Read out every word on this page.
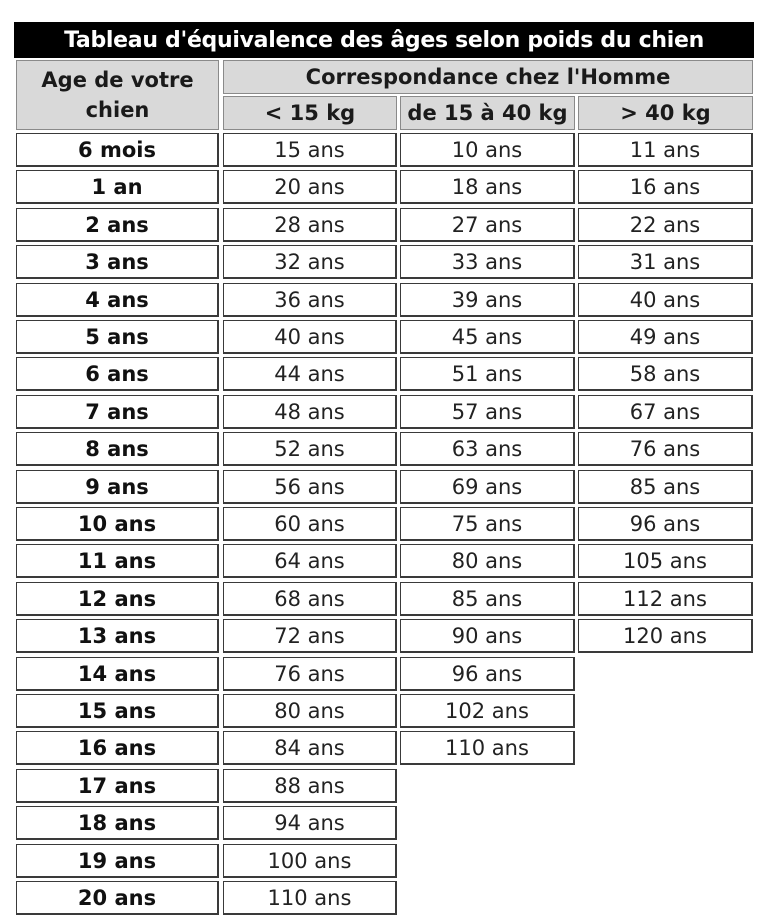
Tableau d'équivalence des âges selon poids du chien
Age de votre
chien
Correspondance chez l'Homme
< 15 kg	de 15 à 40 kg	> 40 kg
6 mois	15 ans	10 ans	11 ans
1 an	20 ans	18 ans	16 ans
2 ans	28 ans	27 ans	22 ans
3 ans	32 ans	33 ans	31 ans
4 ans	36 ans	39 ans	40 ans
5 ans	40 ans	45 ans	49 ans
6 ans	44 ans	51 ans	58 ans
7 ans	48 ans	57 ans	67 ans
8 ans	52 ans	63 ans	76 ans
9 ans	56 ans	69 ans	85 ans
10 ans	60 ans	75 ans	96 ans
11 ans	64 ans	80 ans	105 ans
12 ans	68 ans	85 ans	112 ans
13 ans	72 ans	90 ans	120 ans
14 ans	76 ans	96 ans
15 ans	80 ans	102 ans
16 ans	84 ans	110 ans
17 ans	88 ans
18 ans	94 ans
19 ans	100 ans
20 ans	110 ans
